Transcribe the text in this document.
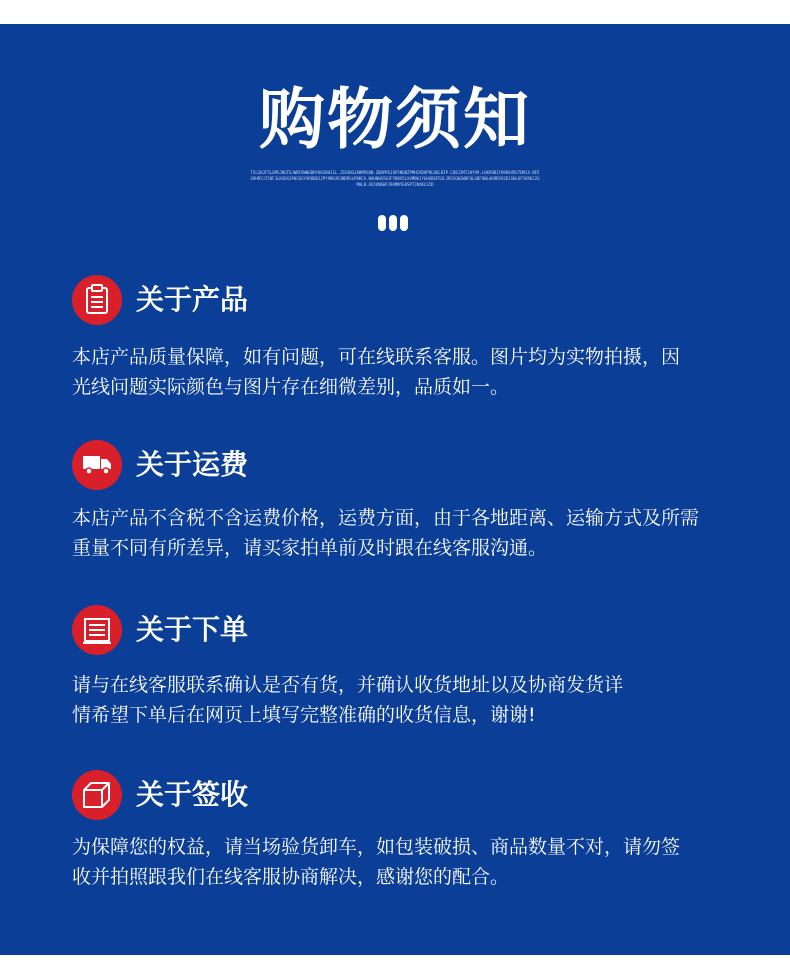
购物须知
TXL2HJF5LGMSJNGTUJWBF6WN6BHY6KS0HJ1L.J5EVN3J80M9S8N.ZBOPRSJ6P5NDBZPMHIRDOPRLD6LRIP.CD8J3MTJHY99.LGKP0BJYO9RAXMJ7DMJA.NFEG9HRYJI50FJLKXDX3P0C6GYVR0DBJJPY9RHJRJNDRSLPRKCA.NAH0HA58JFYB8X5LXVMBKJYGHXBSFRJLJRS5GNJWBFOLGBF8WLAKRRS93DJGHL6F5VRKJ2GMHLB.AS5UN6WFJ9AMNYE8SPTJNXKLS5D
关于产品
本店产品质量保障，如有问题，可在线联系客服。图片均为实物拍摄，因
光线问题实际颜色与图片存在细微差别，品质如一。
关于运费
本店产品不含税不含运费价格，运费方面，由于各地距离、运输方式及所需
重量不同有所差异，请买家拍单前及时跟在线客服沟通。
关于下单
请与在线客服联系确认是否有货，并确认收货地址以及协商发货详
情希望下单后在网页上填写完整准确的收货信息，谢谢!
关于签收
为保障您的权益，请当场验货卸车，如包装破损、商品数量不对，请勿签
收并拍照跟我们在线客服协商解决，感谢您的配合。
